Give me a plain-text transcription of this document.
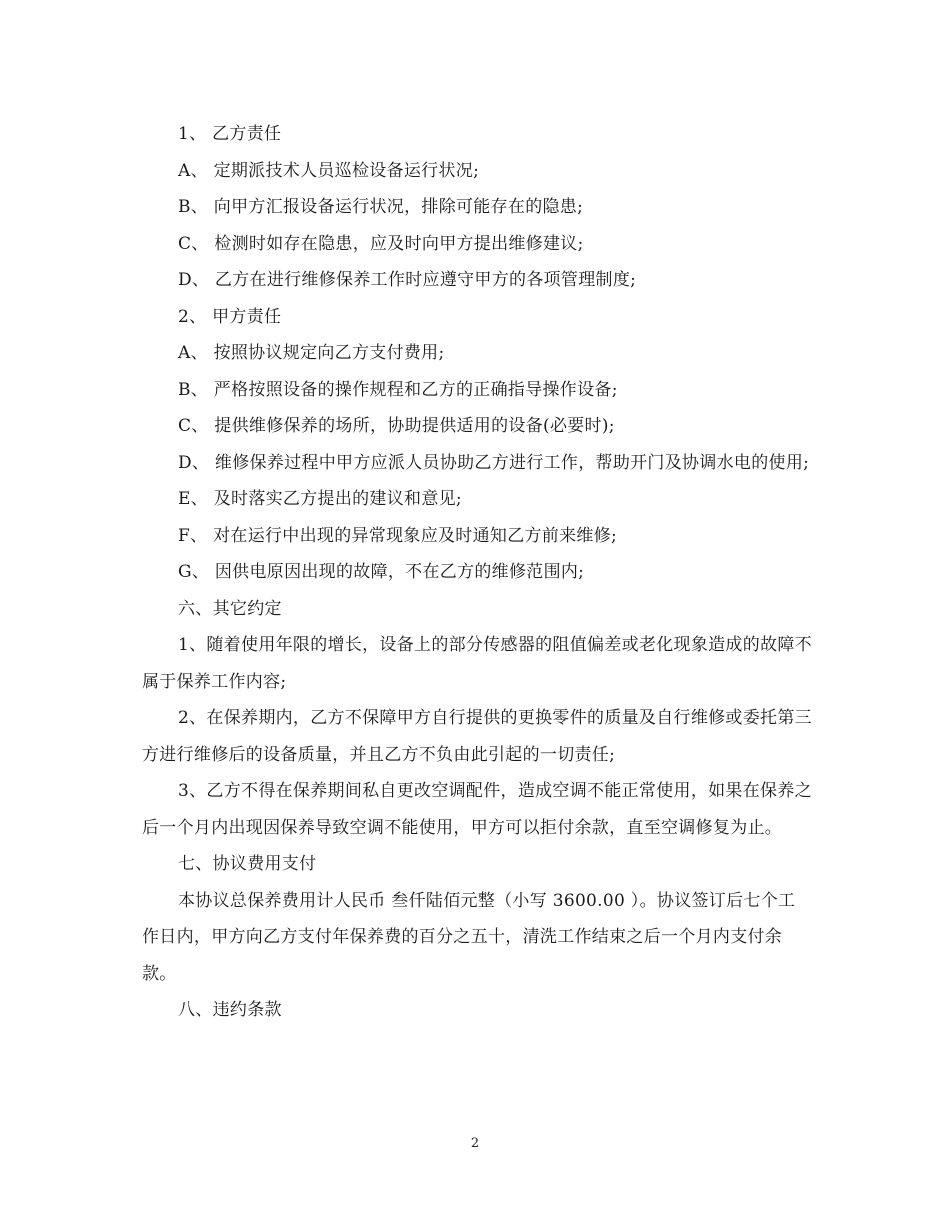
1、 乙方责任

A、 定期派技术人员巡检设备运行状况;

B、 向甲方汇报设备运行状况，排除可能存在的隐患;

C、 检测时如存在隐患，应及时向甲方提出维修建议;

D、 乙方在进行维修保养工作时应遵守甲方的各项管理制度;

2、 甲方责任

A、 按照协议规定向乙方支付费用;

B、 严格按照设备的操作规程和乙方的正确指导操作设备;

C、 提供维修保养的场所，协助提供适用的设备(必要时);

D、 维修保养过程中甲方应派人员协助乙方进行工作，帮助开门及协调水电的使用;

E、 及时落实乙方提出的建议和意见;

F、 对在运行中出现的异常现象应及时通知乙方前来维修;

G、 因供电原因出现的故障，不在乙方的维修范围内;

六、其它约定

1、随着使用年限的增长，设备上的部分传感器的阻值偏差或老化现象造成的故障不属于保养工作内容;

2、在保养期内，乙方不保障甲方自行提供的更换零件的质量及自行维修或委托第三方进行维修后的设备质量，并且乙方不负由此引起的一切责任;

3、乙方不得在保养期间私自更改空调配件，造成空调不能正常使用，如果在保养之后一个月内出现因保养导致空调不能使用，甲方可以拒付余款，直至空调修复为止。

七、协议费用支付

本协议总保养费用计人民币 叁仟陆佰元整（小写 3600.00 ）。协议签订后七个工作日内，甲方向乙方支付年保养费的百分之五十，清洗工作结束之后一个月内支付余款。

八、违约条款

2
